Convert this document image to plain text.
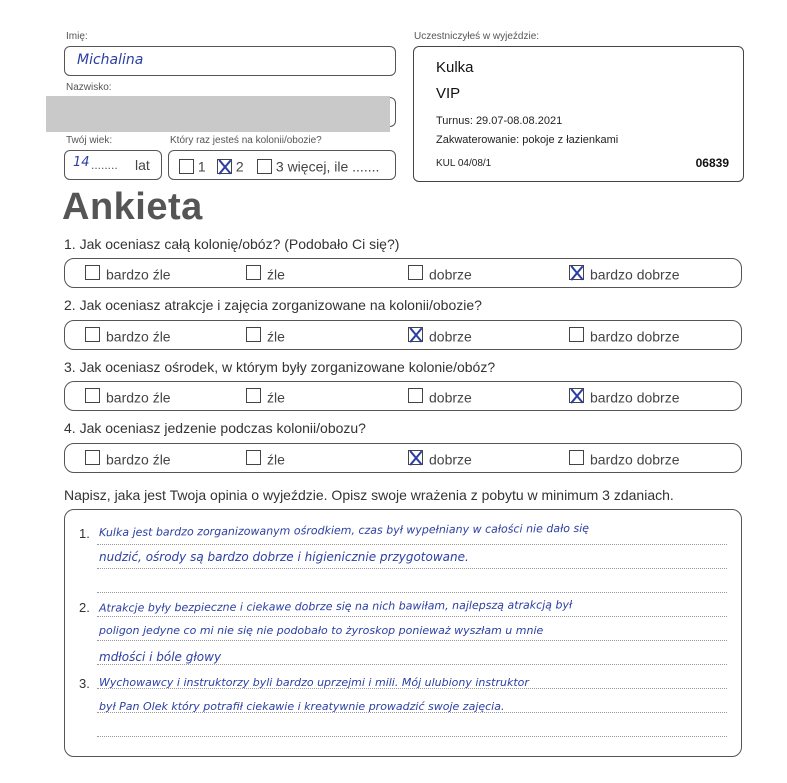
Imię:
Michalina
Nazwisko:
Twój wiek:
14 ........ lat
Który raz jesteś na kolonii/obozie?
1	2	3 więcej, ile .......
Uczestniczyłeś w wyjeździe:
Kulka
VIP
Turnus: 29.07-08.08.2021
Zakwaterowanie: pokoje z łazienkami
KUL 04/08/1	06839
Ankieta
1. Jak oceniasz całą kolonię/obóz? (Podobało Ci się?)
bardzo źle	źle	dobrze	bardzo dobrze
2. Jak oceniasz atrakcje i zajęcia zorganizowane na kolonii/obozie?
bardzo źle	źle	dobrze	bardzo dobrze
3. Jak oceniasz ośrodek, w którym były zorganizowane kolonie/obóz?
bardzo źle	źle	dobrze	bardzo dobrze
4. Jak oceniasz jedzenie podczas kolonii/obozu?
bardzo źle	źle	dobrze	bardzo dobrze
Napisz, jaka jest Twoja opinia o wyjeździe. Opisz swoje wrażenia z pobytu w minimum 3 zdaniach.
1.
2.
3.
Kulka jest bardzo zorganizowanym ośrodkiem, czas był wypełniany w całości nie dało się
nudzić, ośrody są bardzo dobrze i higienicznie przygotowane.
Atrakcje były bezpieczne i ciekawe dobrze się na nich bawiłam, najlepszą atrakcją był
poligon jedyne co mi nie się nie podobało to żyroskop ponieważ wyszłam u mnie
mdłości i bóle głowy
Wychowawcy i instruktorzy byli bardzo uprzejmi i mili. Mój ulubiony instruktor
był Pan Olek który potrafił ciekawie i kreatywnie prowadzić swoje zajęcia.
